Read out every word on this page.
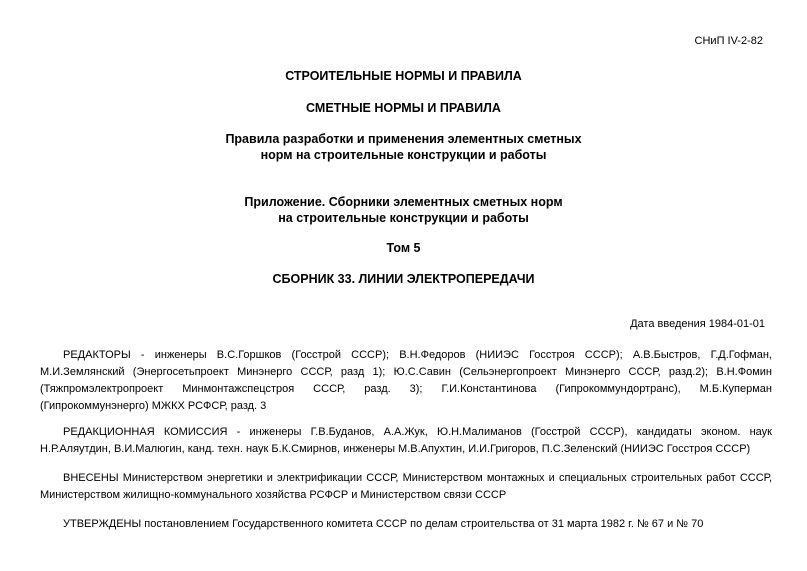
СНиП IV-2-82
СТРОИТЕЛЬНЫЕ НОРМЫ И ПРАВИЛА
СМЕТНЫЕ НОРМЫ И ПРАВИЛА
Правила разработки и применения элементных сметных
норм на строительные конструкции и работы
Приложение. Сборники элементных сметных норм
на строительные конструкции и работы
Том 5
СБОРНИК 33. ЛИНИИ ЭЛЕКТРОПЕРЕДАЧИ
Дата введения 1984-01-01
РЕДАКТОРЫ - инженеры В.С.Горшков (Госстрой СССР); В.Н.Федоров (НИИЭС Госстроя СССР); А.В.Быстров, Г.Д.Гофман, М.И.Землянский (Энергосетьпроект Минэнерго СССР, разд 1); Ю.С.Савин (Сельэнергопроект Минэнерго СССР, разд.2); В.Н.Фомин (Тяжпромэлектропроект Минмонтажспецстроя СССР, разд. 3); Г.И.Константинова (Гипрокоммундортранс), М.Б.Куперман (Гипрокоммунэнерго) МЖКХ РСФСР, разд. 3
РЕДАКЦИОННАЯ КОМИССИЯ - инженеры Г.В.Буданов, А.А.Жук, Ю.Н.Малиманов (Госстрой СССР), кандидаты эконом. наук Н.Р.Аляутдин, В.И.Малюгин, канд. техн. наук Б.К.Смирнов, инженеры М.В.Апухтин, И.И.Григоров, П.С.Зеленский (НИИЭС Госстроя СССР)
ВНЕСЕНЫ Министерством энергетики и электрификации СССР, Министерством монтажных и специальных строительных работ СССР, Министерством жилищно-коммунального хозяйства РСФСР и Министерством связи СССР
УТВЕРЖДЕНЫ постановлением Государственного комитета СССР по делам строительства от 31 марта 1982 г. № 67 и № 70
